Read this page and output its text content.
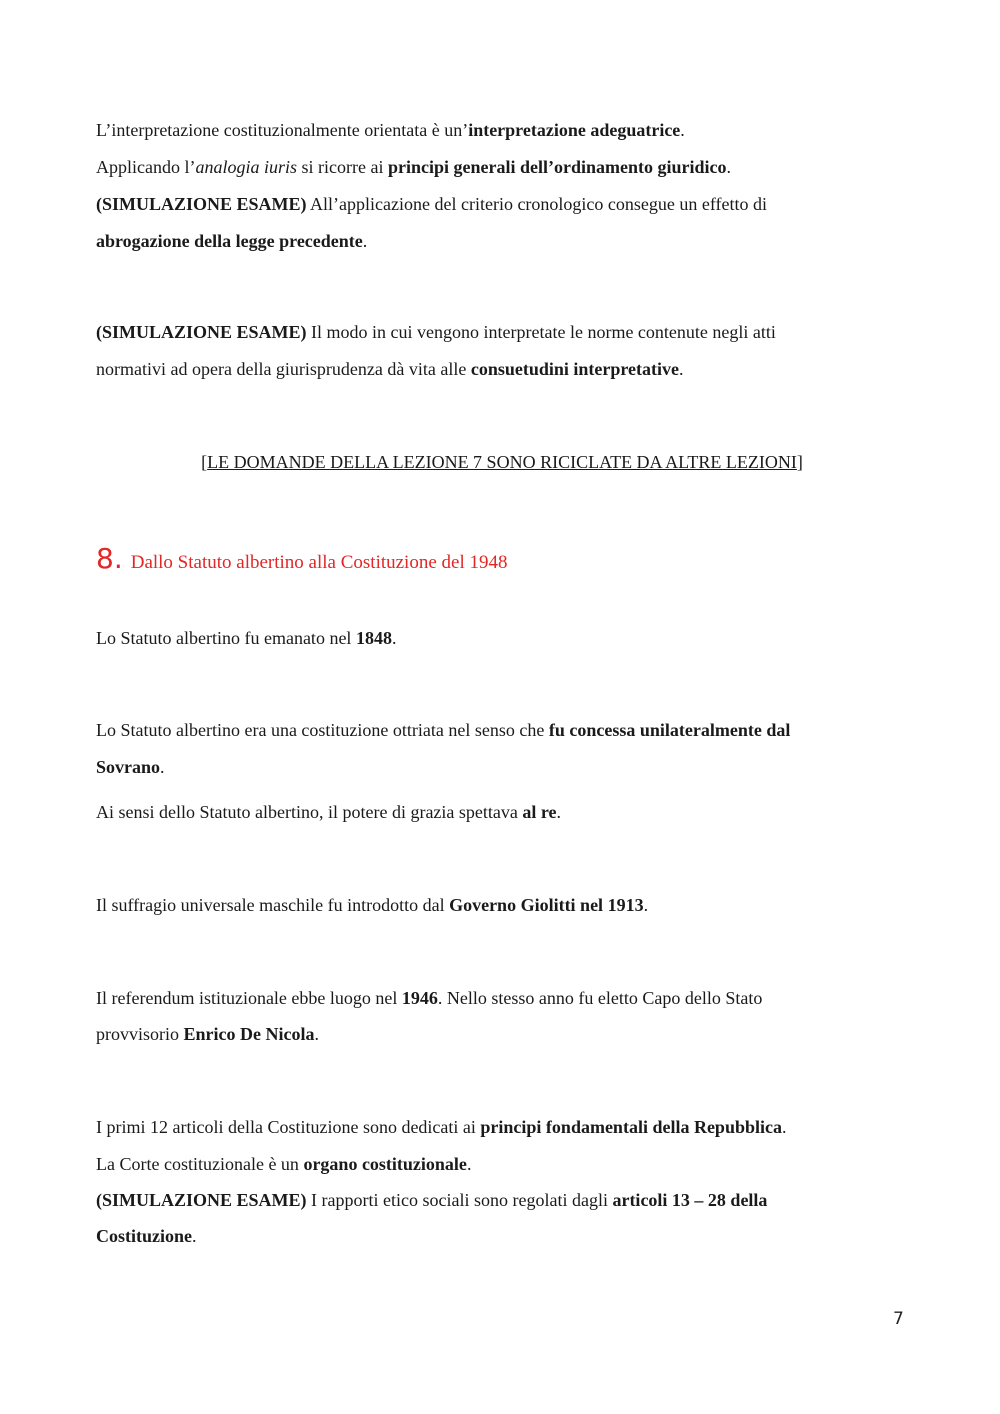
L’interpretazione costituzionalmente orientata è un’interpretazione adeguatrice.
Applicando l’analogia iuris si ricorre ai principi generali dell’ordinamento giuridico.
(SIMULAZIONE ESAME) All’applicazione del criterio cronologico consegue un effetto di
abrogazione della legge precedente.
(SIMULAZIONE ESAME) Il modo in cui vengono interpretate le norme contenute negli atti
normativi ad opera della giurisprudenza dà vita alle consuetudini interpretative.
[LE DOMANDE DELLA LEZIONE 7 SONO RICICLATE DA ALTRE LEZIONI]
8. Dallo Statuto albertino alla Costituzione del 1948
Lo Statuto albertino fu emanato nel 1848.
Lo Statuto albertino era una costituzione ottriata nel senso che fu concessa unilateralmente dal
Sovrano.
Ai sensi dello Statuto albertino, il potere di grazia spettava al re.
Il suffragio universale maschile fu introdotto dal Governo Giolitti nel 1913.
Il referendum istituzionale ebbe luogo nel 1946. Nello stesso anno fu eletto Capo dello Stato
provvisorio Enrico De Nicola.
I primi 12 articoli della Costituzione sono dedicati ai principi fondamentali della Repubblica.
La Corte costituzionale è un organo costituzionale.
(SIMULAZIONE ESAME) I rapporti etico sociali sono regolati dagli articoli 13 – 28 della
Costituzione.
7
